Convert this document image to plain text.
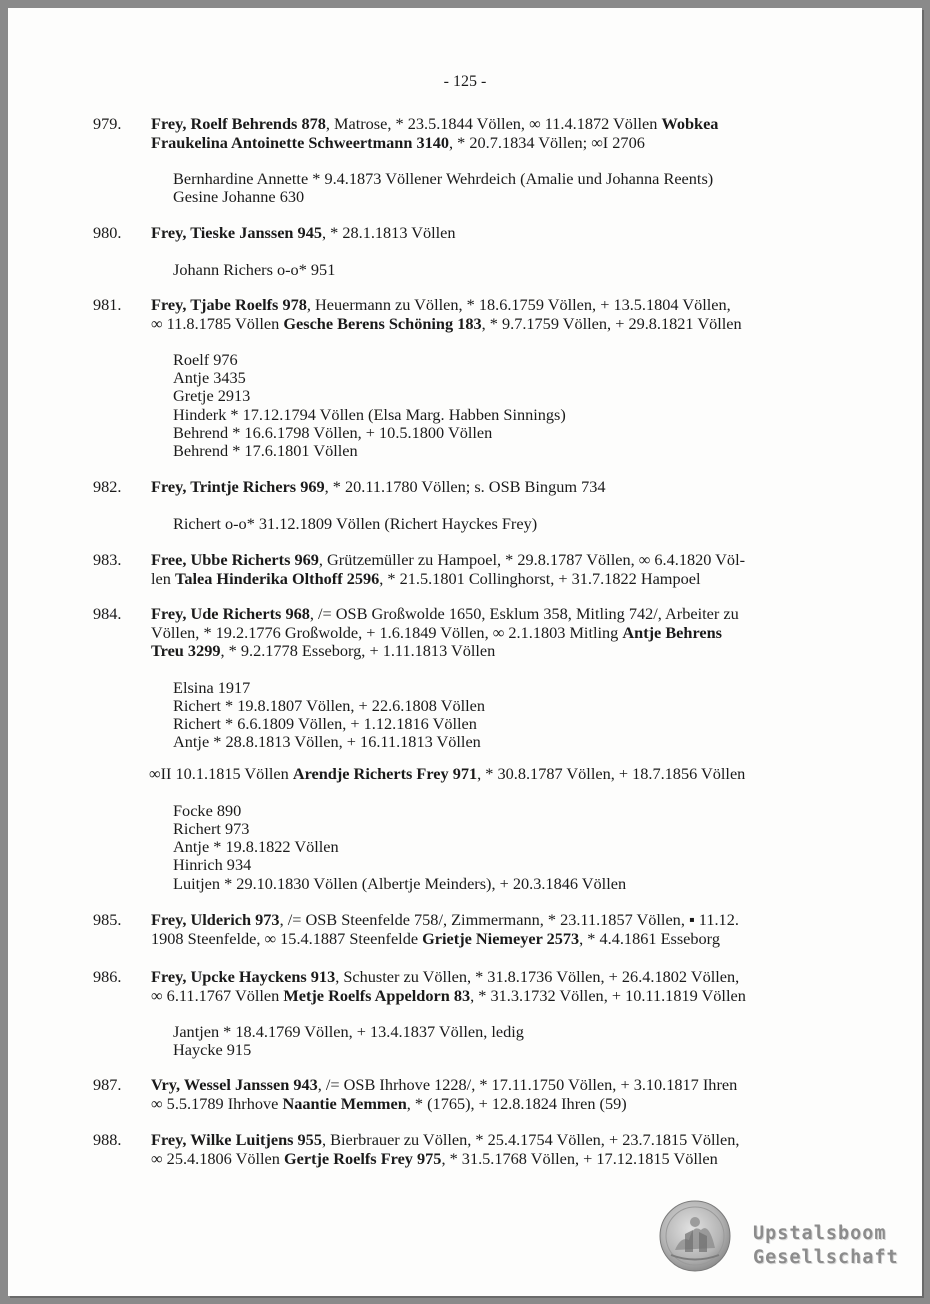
- 125 -
979.	Frey, Roelf Behrends 878, Matrose, * 23.5.1844 Völlen, ∞ 11.4.1872 Völlen Wobkea
Fraukelina Antoinette Schweertmann 3140, * 20.7.1834 Völlen; ∞I 2706
Bernhardine Annette * 9.4.1873 Völlener Wehrdeich (Amalie und Johanna Reents)
Gesine Johanne 630
980.	Frey, Tieske Janssen 945, * 28.1.1813 Völlen
Johann Richers o-o* 951
981.	Frey, Tjabe Roelfs 978, Heuermann zu Völlen, * 18.6.1759 Völlen, + 13.5.1804 Völlen,
∞ 11.8.1785 Völlen Gesche Berens Schöning 183, * 9.7.1759 Völlen, + 29.8.1821 Völlen
Roelf 976
Antje 3435
Gretje 2913
Hinderk * 17.12.1794 Völlen (Elsa Marg. Habben Sinnings)
Behrend * 16.6.1798 Völlen, + 10.5.1800 Völlen
Behrend * 17.6.1801 Völlen
982.	Frey, Trintje Richers 969, * 20.11.1780 Völlen; s. OSB Bingum 734
Richert o-o* 31.12.1809 Völlen (Richert Hayckes Frey)
983.	Free, Ubbe Richerts 969, Grützemüller zu Hampoel, * 29.8.1787 Völlen, ∞ 6.4.1820 Völ-
len Talea Hinderika Olthoff 2596, * 21.5.1801 Collinghorst, + 31.7.1822 Hampoel
984.	Frey, Ude Richerts 968, /= OSB Großwolde 1650, Esklum 358, Mitling 742/, Arbeiter zu
Völlen, * 19.2.1776 Großwolde, + 1.6.1849 Völlen, ∞ 2.1.1803 Mitling Antje Behrens
Treu 3299, * 9.2.1778 Esseborg, + 1.11.1813 Völlen
Elsina 1917
Richert * 19.8.1807 Völlen, + 22.6.1808 Völlen
Richert * 6.6.1809 Völlen, + 1.12.1816 Völlen
Antje * 28.8.1813 Völlen, + 16.11.1813 Völlen
∞II 10.1.1815 Völlen Arendje Richerts Frey 971, * 30.8.1787 Völlen, + 18.7.1856 Völlen
Focke 890
Richert 973
Antje * 19.8.1822 Völlen
Hinrich 934
Luitjen * 29.10.1830 Völlen (Albertje Meinders), + 20.3.1846 Völlen
985.	Frey, Ulderich 973, /= OSB Steenfelde 758/, Zimmermann, * 23.11.1857 Völlen, ▪ 11.12.
1908 Steenfelde, ∞ 15.4.1887 Steenfelde Grietje Niemeyer 2573, * 4.4.1861 Esseborg
986.	Frey, Upcke Hayckens 913, Schuster zu Völlen, * 31.8.1736 Völlen, + 26.4.1802 Völlen,
∞ 6.11.1767 Völlen Metje Roelfs Appeldorn 83, * 31.3.1732 Völlen, + 10.11.1819 Völlen
Jantjen * 18.4.1769 Völlen, + 13.4.1837 Völlen, ledig
Haycke 915
987.	Vry, Wessel Janssen 943, /= OSB Ihrhove 1228/, * 17.11.1750 Völlen, + 3.10.1817 Ihren
∞ 5.5.1789 Ihrhove Naantie Memmen, * (1765), + 12.8.1824 Ihren (59)
988.	Frey, Wilke Luitjens 955, Bierbrauer zu Völlen, * 25.4.1754 Völlen, + 23.7.1815 Völlen,
∞ 25.4.1806 Völlen Gertje Roelfs Frey 975, * 31.5.1768 Völlen, + 17.12.1815 Völlen
Upstalsboom
Gesellschaft
